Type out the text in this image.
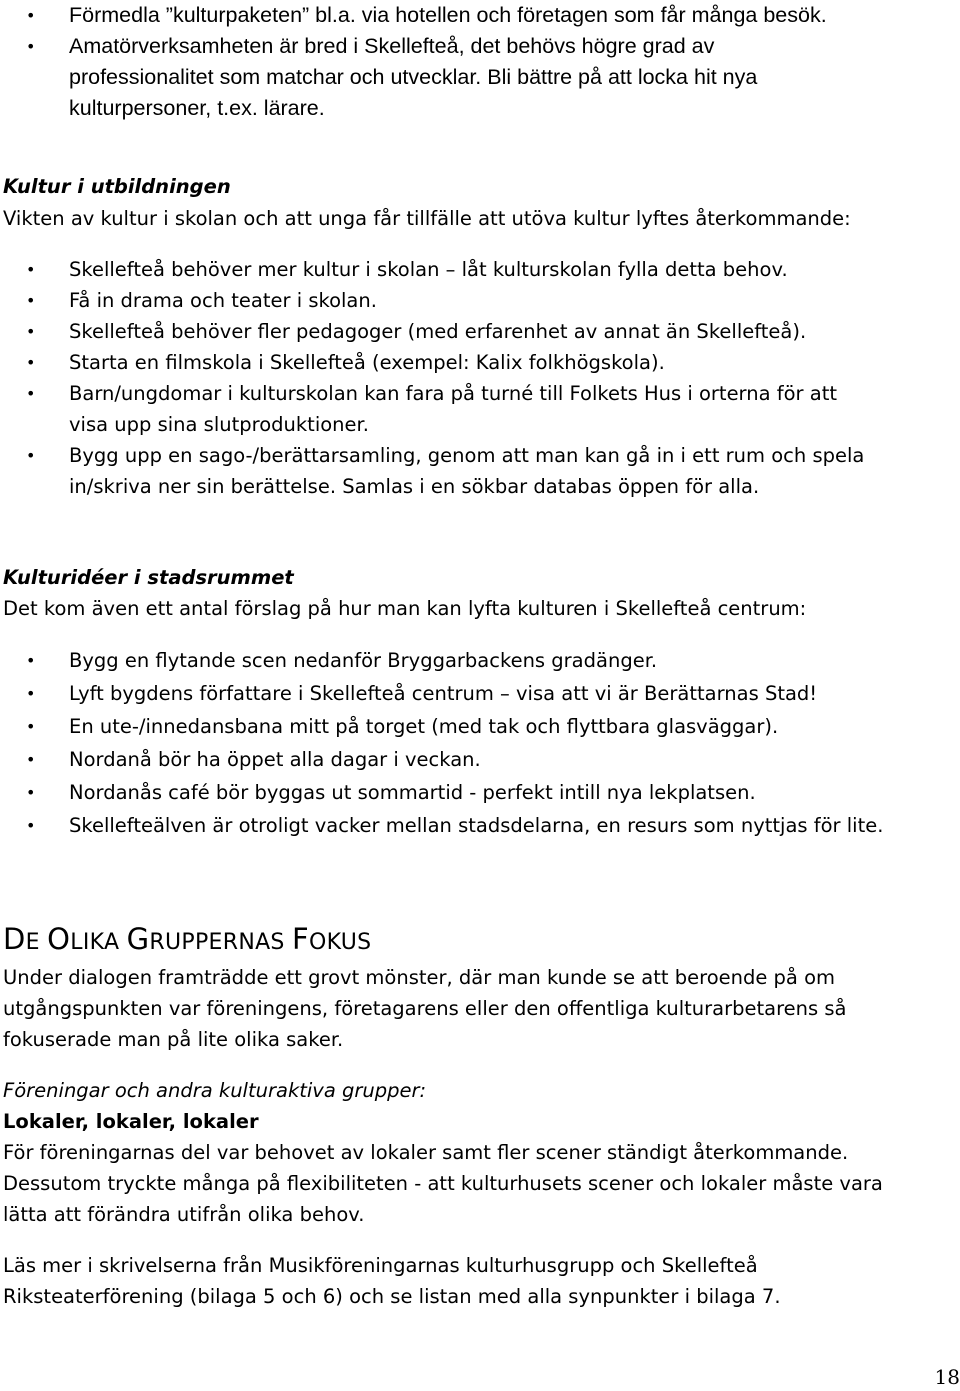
• Förmedla ”kulturpaketen” bl.a. via hotellen och företagen som får många besök.
• Amatörverksamheten är bred i Skellefteå, det behövs högre grad av
professionalitet som matchar och utvecklar. Bli bättre på att locka hit nya
kulturpersoner, t.ex. lärare.
Kultur i utbildningen
Vikten av kultur i skolan och att unga får tillfälle att utöva kultur lyftes återkommande:
• Skellefteå behöver mer kultur i skolan – låt kulturskolan fylla detta behov.
• Få in drama och teater i skolan.
• Skellefteå behöver fler pedagoger (med erfarenhet av annat än Skellefteå).
• Starta en filmskola i Skellefteå (exempel: Kalix folkhögskola).
• Barn/ungdomar i kulturskolan kan fara på turné till Folkets Hus i orterna för att
visa upp sina slutproduktioner.
• Bygg upp en sago-/berättarsamling, genom att man kan gå in i ett rum och spela
in/skriva ner sin berättelse. Samlas i en sökbar databas öppen för alla.
Kulturidéer i stadsrummet
Det kom även ett antal förslag på hur man kan lyfta kulturen i Skellefteå centrum:
• Bygg en flytande scen nedanför Bryggarbackens gradänger.
• Lyft bygdens författare i Skellefteå centrum – visa att vi är Berättarnas Stad!
• En ute-/innedansbana mitt på torget (med tak och flyttbara glasväggar).
• Nordanå bör ha öppet alla dagar i veckan.
• Nordanås café bör byggas ut sommartid - perfekt intill nya lekplatsen.
• Skellefteälven är otroligt vacker mellan stadsdelarna, en resurs som nyttjas för lite.
DE OLIKA GRUPPERNAS FOKUS
Under dialogen framträdde ett grovt mönster, där man kunde se att beroende på om
utgångspunkten var föreningens, företagarens eller den offentliga kulturarbetarens så
fokuserade man på lite olika saker.
Föreningar och andra kulturaktiva grupper:
Lokaler, lokaler, lokaler
För föreningarnas del var behovet av lokaler samt fler scener ständigt återkommande.
Dessutom tryckte många på flexibiliteten - att kulturhusets scener och lokaler måste vara
lätta att förändra utifrån olika behov.
Läs mer i skrivelserna från Musikföreningarnas kulturhusgrupp och Skellefteå
Riksteaterförening (bilaga 5 och 6) och se listan med alla synpunkter i bilaga 7.
18
